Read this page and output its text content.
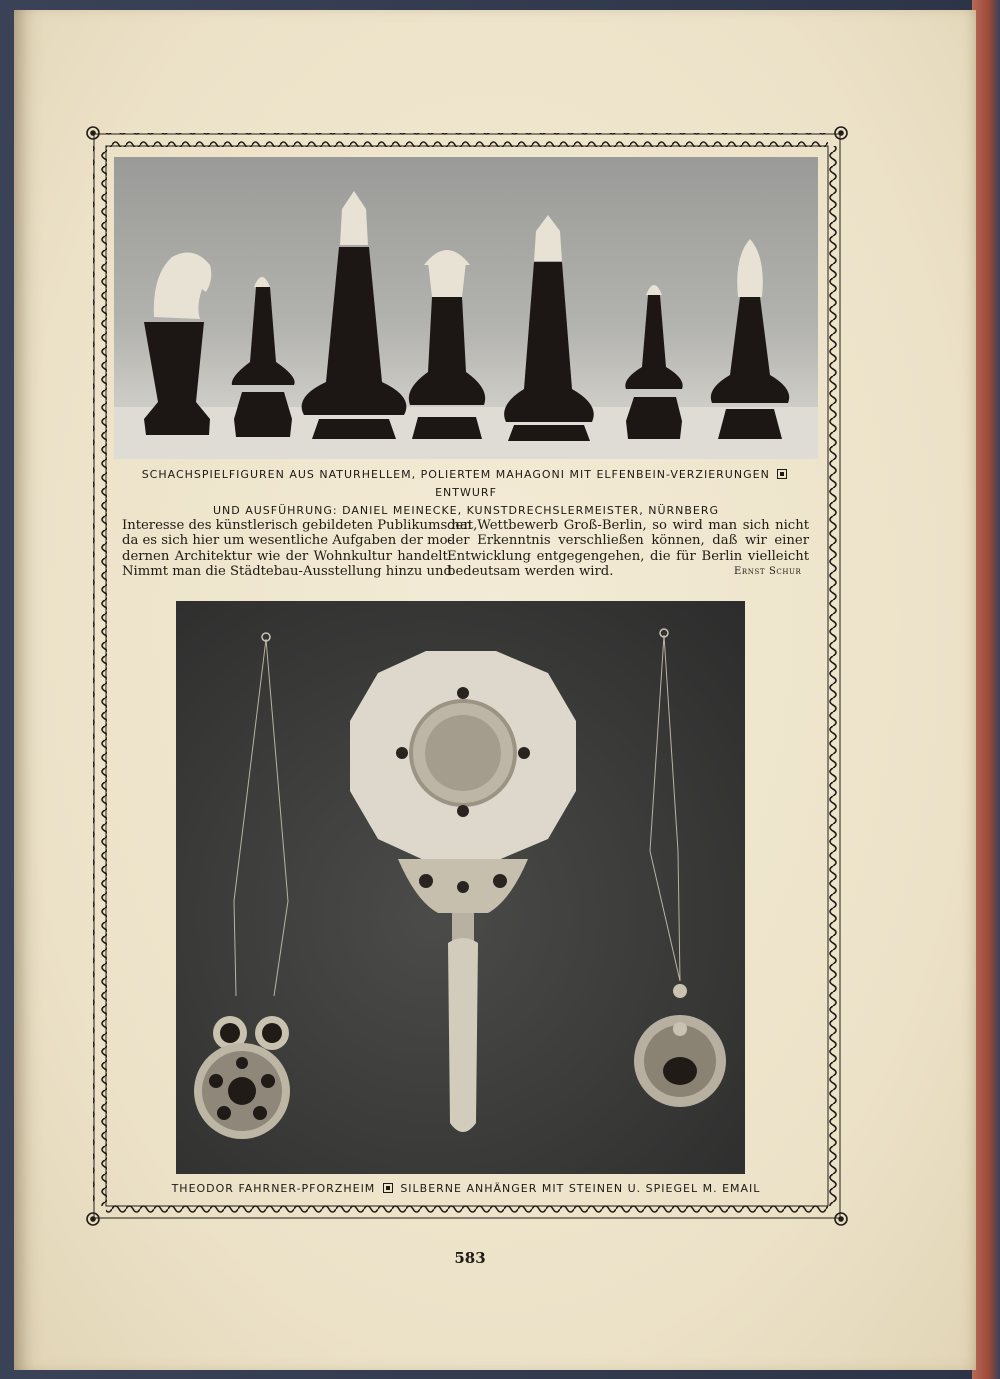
SCHACHSPIELFIGUREN AUS NATURHELLEM, POLIERTEM MAHAGONI MIT ELFENBEIN-VERZIERUNGEN  ENTWURF
UND AUSFÜHRUNG: DANIEL MEINECKE, KUNSTDRECHSLERMEISTER, NÜRNBERG
Interesse des künstlerisch gebildeten Publikums hat,
da es sich hier um wesentliche Aufgaben der mo-
dernen Architektur wie der Wohnkultur handelt.
Nimmt man die Städtebau-Ausstellung hinzu und
den Wettbewerb Groß-Berlin, so wird man sich nicht
der Erkenntnis verschließen können, daß wir einer
Entwicklung entgegengehen, die für Berlin vielleicht
bedeutsam werden wird.	Ernst Schur
THEODOR FAHRNER-PFORZHEIM SILBERNE ANHÄNGER MIT STEINEN U. SPIEGEL M. EMAIL
583
